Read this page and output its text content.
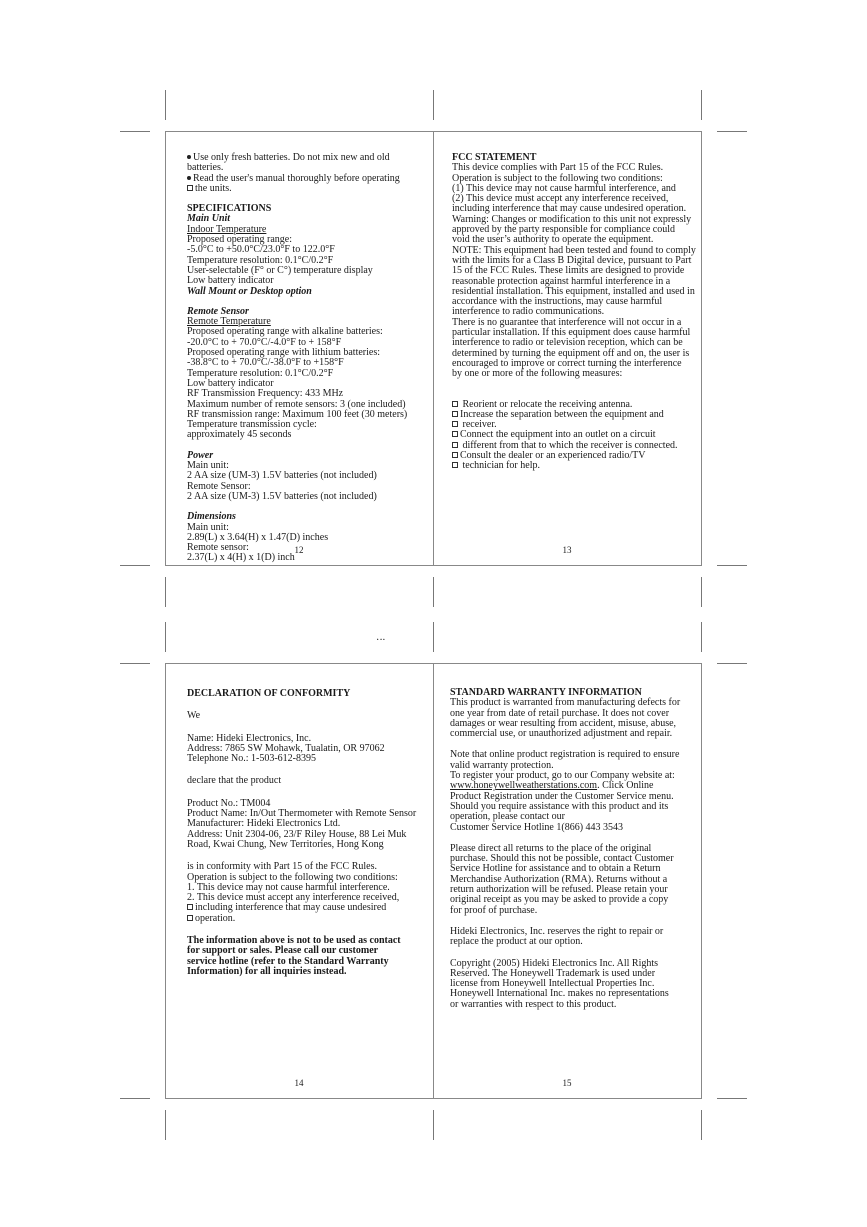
․․.

Use only fresh batteries. Do not mix new and old batteries.

Read the user's manual thoroughly before operating

the units.

SPECIFICATIONS

Main Unit

Indoor Temperature

Proposed operating range:

-5.0°C to +50.0°C/23.0°F to 122.0°F

Temperature resolution: 0.1°C/0.2°F

User-selectable (F° or C°) temperature display

Low battery indicator

Wall Mount or Desktop option

Remote Sensor

Remote Temperature

Proposed operating range with alkaline batteries:

-20.0°C to + 70.0°C/-4.0°F to + 158°F

Proposed operating range with lithium batteries:

-38.8°C to + 70.0°C/-38.0°F to +158°F

Temperature resolution: 0.1°C/0.2°F

Low battery indicator

RF Transmission Frequency: 433 MHz

Maximum number of remote sensors: 3 (one included)

RF transmission range: Maximum 100 feet (30 meters)

Temperature transmission cycle:

approximately 45 seconds

Power

Main unit:

2 AA size (UM-3) 1.5V batteries (not included)

Remote Sensor:

2 AA size (UM-3) 1.5V batteries (not included)

Dimensions

Main unit:

2.89(L) x 3.64(H) x 1.47(D) inches

Remote sensor:

2.37(L) x 4(H) x 1(D) inch

12

FCC STATEMENT

This device complies with Part 15 of the FCC Rules.

Operation is subject to the following two conditions:

(1) This device may not cause harmful interference, and

(2) This device must accept any interference received,

including interference that may cause undesired operation.

Warning: Changes or modification to this unit not expressly

approved by the party responsible for compliance could

void the user’s authority to operate the equipment.

NOTE: This equipment had been tested and found to comply

with the limits for a Class B Digital device, pursuant to Part

15 of the FCC Rules. These limits are designed to provide

reasonable protection against harmful interference in a

residential installation. This equipment, installed and used in

accordance with the instructions, may cause harmful

interference to radio communications.

There is no guarantee that interference will not occur in a

particular installation. If this equipment does cause harmful

interference to radio or television reception, which can be

determined by turning the equipment off and on, the user is

encouraged to improve or correct turning the interference

by one or more of the following measures:

Reorient or relocate the receiving antenna.

Increase the separation between the equipment and

receiver.

Connect the equipment into an outlet on a circuit

different from that to which the receiver is connected.

Consult the dealer or an experienced radio/TV

technician for help.

13

DECLARATION OF CONFORMITY

We

Name: Hideki Electronics, Inc.

Address: 7865 SW Mohawk, Tualatin, OR 97062

Telephone No.: 1-503-612-8395

declare that the product

Product No.: TM004

Product Name: In/Out Thermometer with Remote Sensor

Manufacturer: Hideki Electronics Ltd.

Address: Unit 2304-06, 23/F Riley House, 88 Lei Muk

Road, Kwai Chung, New Territories, Hong Kong

is in conformity with Part 15 of the FCC Rules.

Operation is subject to the following two conditions:

1. This device may not cause harmful interference.

2. This device must accept any interference received,

including interference that may cause undesired

operation.

The information above is not to be used as contact

for support or sales. Please call our customer

service hotline (refer to the Standard Warranty

Information) for all inquiries instead.

14

STANDARD WARRANTY INFORMATION

This product is warranted from manufacturing defects for

one year from date of retail purchase. It does not cover

damages or wear resulting from accident, misuse, abuse,

commercial use, or unauthorized adjustment and repair.

Note that online product registration is required to ensure

valid warranty protection.

To register your product, go to our Company website at:

www.honeywellweatherstations.com. Click Online

Product Registration under the Customer Service menu.

Should you require assistance with this product and its

operation, please contact our

Customer Service Hotline 1(866) 443 3543

Please direct all returns to the place of the original

purchase. Should this not be possible, contact Customer

Service Hotline for assistance and to obtain a Return

Merchandise Authorization (RMA). Returns without a

return authorization will be refused. Please retain your

original receipt as you may be asked to provide a copy

for proof of purchase.

Hideki Electronics, Inc. reserves the right to repair or

replace the product at our option.

Copyright (2005) Hideki Electronics Inc. All Rights

Reserved. The Honeywell Trademark is used under

license from Honeywell Intellectual Properties Inc.

Honeywell International Inc. makes no representations

or warranties with respect to this product.

15
